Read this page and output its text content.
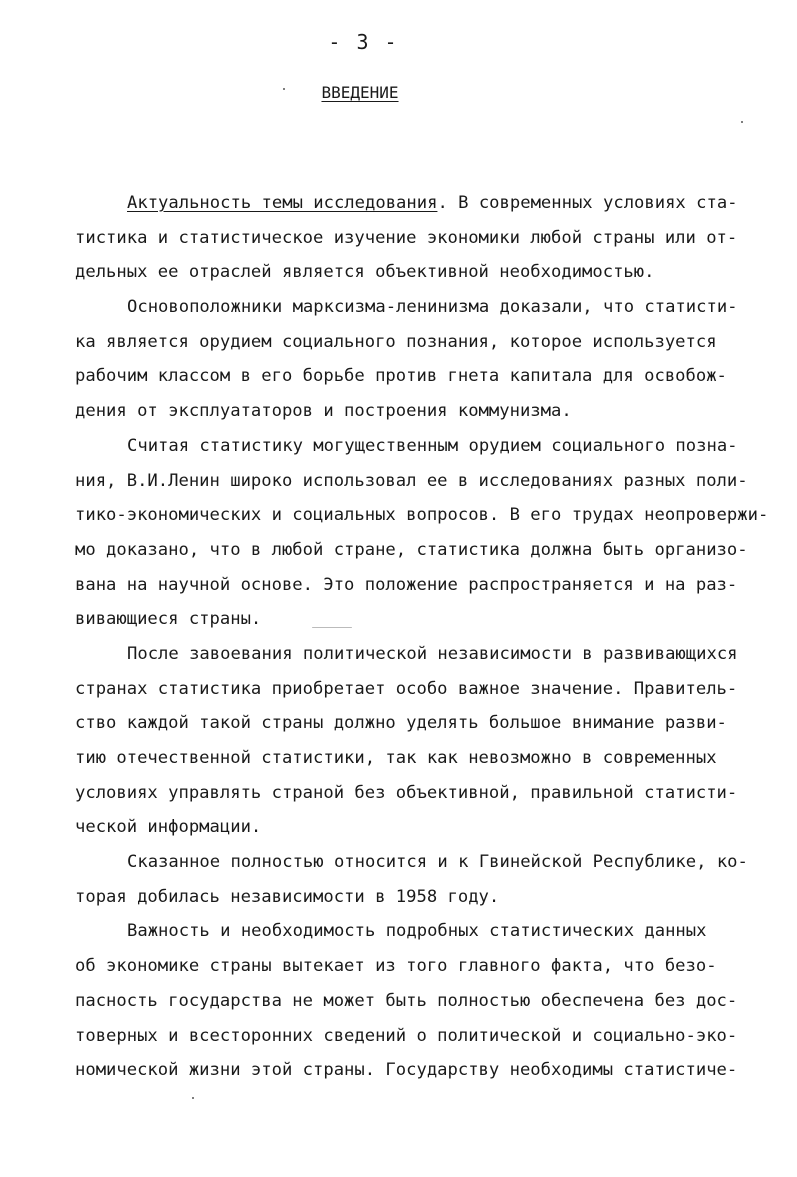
- 3 -
ВВЕДЕНИЕ
Актуальность темы исследования. В современных условиях ста-
тистика и статистическое изучение экономики любой страны или от-
дельных ее отраслей является объективной необходимостью.
Основоположники марксизма-ленинизма доказали, что статисти-
ка является орудием социального познания, которое используется
рабочим классом в его борьбе против гнета капитала для освобож-
дения от эксплуататоров и построения коммунизма.
Считая статистику могущественным орудием социального позна-
ния, В.И.Ленин широко использовал ее в исследованиях разных поли-
тико-экономических и социальных вопросов. В его трудах неопровержи-
мо доказано, что в любой стране, статистика должна быть организо-
вана на научной основе. Это положение распространяется и на раз-
вивающиеся страны.
После завоевания политической независимости в развивающихся
странах статистика приобретает особо важное значение. Правитель-
ство каждой такой страны должно уделять большое внимание разви-
тию отечественной статистики, так как невозможно в современных
условиях управлять страной без объективной, правильной статисти-
ческой информации.
Сказанное полностью относится и к Гвинейской Республике, ко-
торая добилась независимости в 1958 году.
Важность и необходимость подробных статистических данных
об экономике страны вытекает из того главного факта, что безо-
пасность государства не может быть полностью обеспечена без дос-
товерных и всесторонних сведений о политической и социально-эко-
номической жизни этой страны. Государству необходимы статистиче-
